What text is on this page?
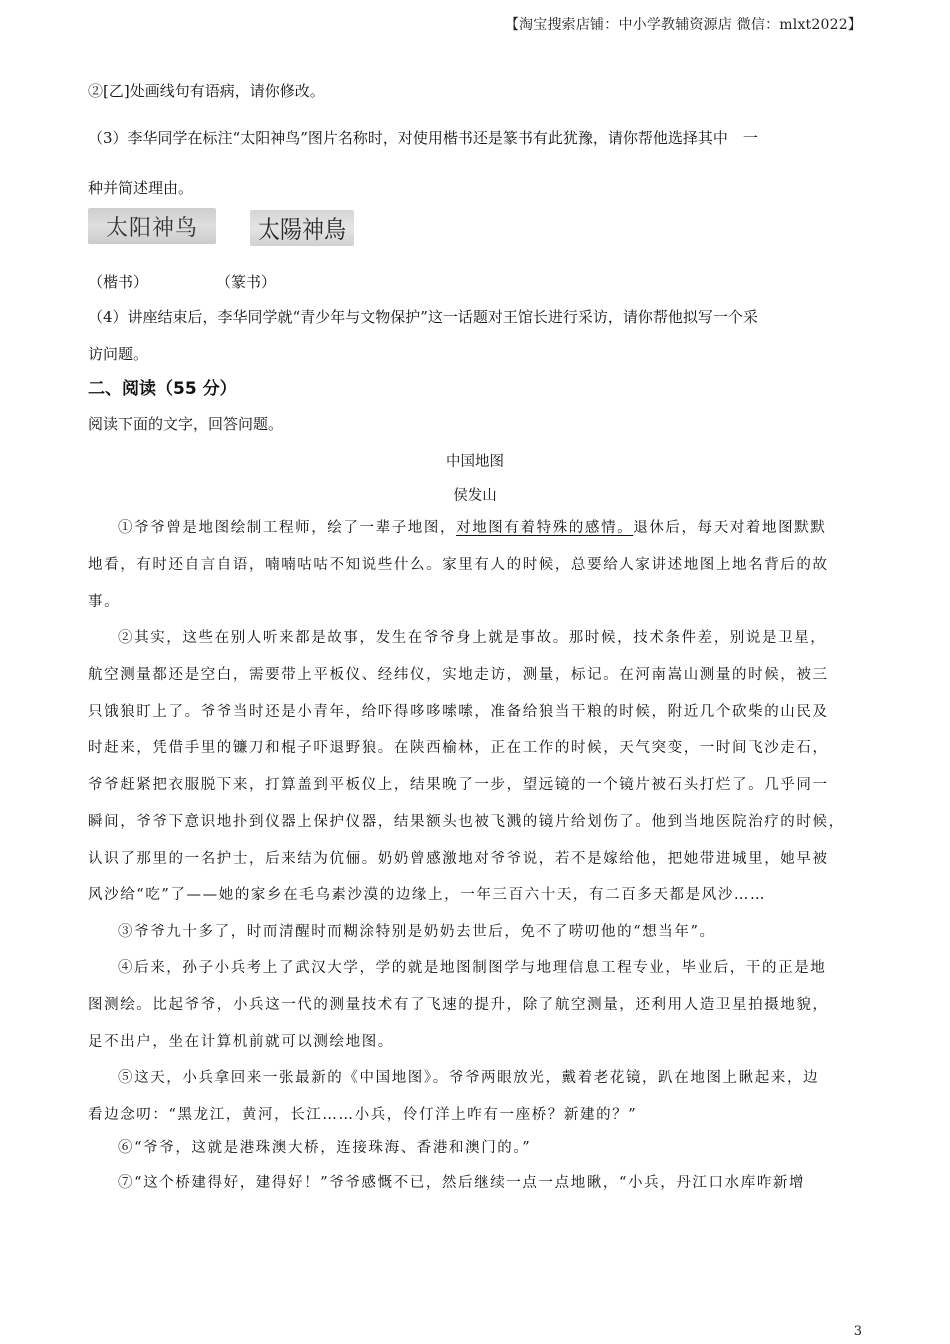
【淘宝搜索店铺：中小学教辅资源店 微信：mlxt2022】
②[乙]处画线句有语病，请你修改。
（3）李华同学在标注“太阳神鸟”图片名称时，对使用楷书还是篆书有此犹豫，请你帮他选择其中　一
种并简述理由。
太阳神鸟	太陽神鳥
（楷书）	（篆书）
（4）讲座结束后，李华同学就“青少年与文物保护”这一话题对王馆长进行采访，请你帮他拟写一个采
访问题。
二、阅读（55 分）
阅读下面的文字，回答问题。
中国地图
侯发山
①爷爷曾是地图绘制工程师，绘了一辈子地图，对地图有着特殊的感情。退休后，每天对着地图默默
地看，有时还自言自语，喃喃咕咕不知说些什么。家里有人的时候，总要给人家讲述地图上地名背后的故
事。
②其实，这些在别人听来都是故事，发生在爷爷身上就是事故。那时候，技术条件差，别说是卫星，
航空测量都还是空白，需要带上平板仪、经纬仪，实地走访，测量，标记。在河南嵩山测量的时候，被三
只饿狼盯上了。爷爷当时还是小青年，给吓得哆哆嗦嗦，准备给狼当干粮的时候，附近几个砍柴的山民及
时赶来，凭借手里的镰刀和棍子吓退野狼。在陕西榆林，正在工作的时候，天气突变，一时间飞沙走石，
爷爷赶紧把衣服脱下来，打算盖到平板仪上，结果晚了一步，望远镜的一个镜片被石头打烂了。几乎同一
瞬间，爷爷下意识地扑到仪器上保护仪器，结果额头也被飞溅的镜片给划伤了。他到当地医院治疗的时候，
认识了那里的一名护士，后来结为伉俪。奶奶曾感激地对爷爷说，若不是嫁给他，把她带进城里，她早被
风沙给“吃”了——她的家乡在毛乌素沙漠的边缘上，一年三百六十天，有二百多天都是风沙……
③爷爷九十多了，时而清醒时而糊涂特别是奶奶去世后，免不了唠叨他的“想当年”。
④后来，孙子小兵考上了武汉大学，学的就是地图制图学与地理信息工程专业，毕业后，干的正是地
图测绘。比起爷爷，小兵这一代的测量技术有了飞速的提升，除了航空测量，还利用人造卫星拍摄地貌，
足不出户，坐在计算机前就可以测绘地图。
⑤这天，小兵拿回来一张最新的《中国地图》。爷爷两眼放光，戴着老花镜，趴在地图上瞅起来，边
看边念叨：“黑龙江，黄河，长江……小兵，伶仃洋上咋有一座桥？新建的？”
⑥“爷爷，这就是港珠澳大桥，连接珠海、香港和澳门的。”
⑦“这个桥建得好，建得好！”爷爷感慨不已，然后继续一点一点地瞅，“小兵，丹江口水库咋新增
3
